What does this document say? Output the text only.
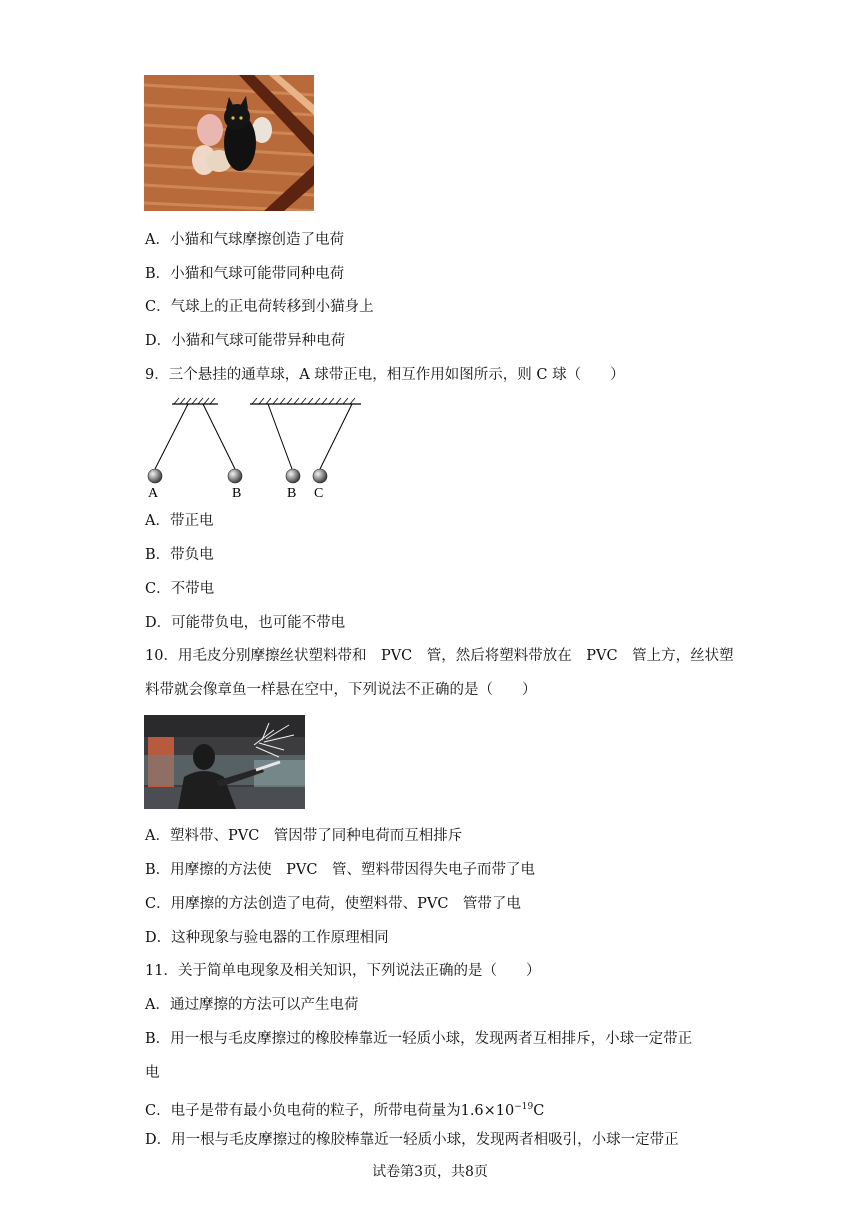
A．小猫和气球摩擦创造了电荷
B．小猫和气球可能带同种电荷
C．气球上的正电荷转移到小猫身上
D．小猫和气球可能带异种电荷
9．三个悬挂的通草球，A 球带正电，相互作用如图所示，则 C 球（　　）
A	B	B C
A．带正电
B．带负电
C．不带电
D．可能带负电，也可能不带电
10．用毛皮分别摩擦丝状塑料带和　PVC　管，然后将塑料带放在　PVC　管上方，丝状塑
料带就会像章鱼一样悬在空中，下列说法不正确的是（　　）
A．塑料带、PVC　管因带了同种电荷而互相排斥
B．用摩擦的方法使　PVC　管、塑料带因得失电子而带了电
C．用摩擦的方法创造了电荷，使塑料带、PVC　管带了电
D．这种现象与验电器的工作原理相同
11．关于简单电现象及相关知识，下列说法正确的是（　　）
A．通过摩擦的方法可以产生电荷
B．用一根与毛皮摩擦过的橡胶棒靠近一轻质小球，发现两者互相排斥，小球一定带正
电
C．电子是带有最小负电荷的粒子，所带电荷量为$1.6\times 10^{-19}C$
D．用一根与毛皮摩擦过的橡胶棒靠近一轻质小球，发现两者相吸引，小球一定带正
试卷第3页，共8页
